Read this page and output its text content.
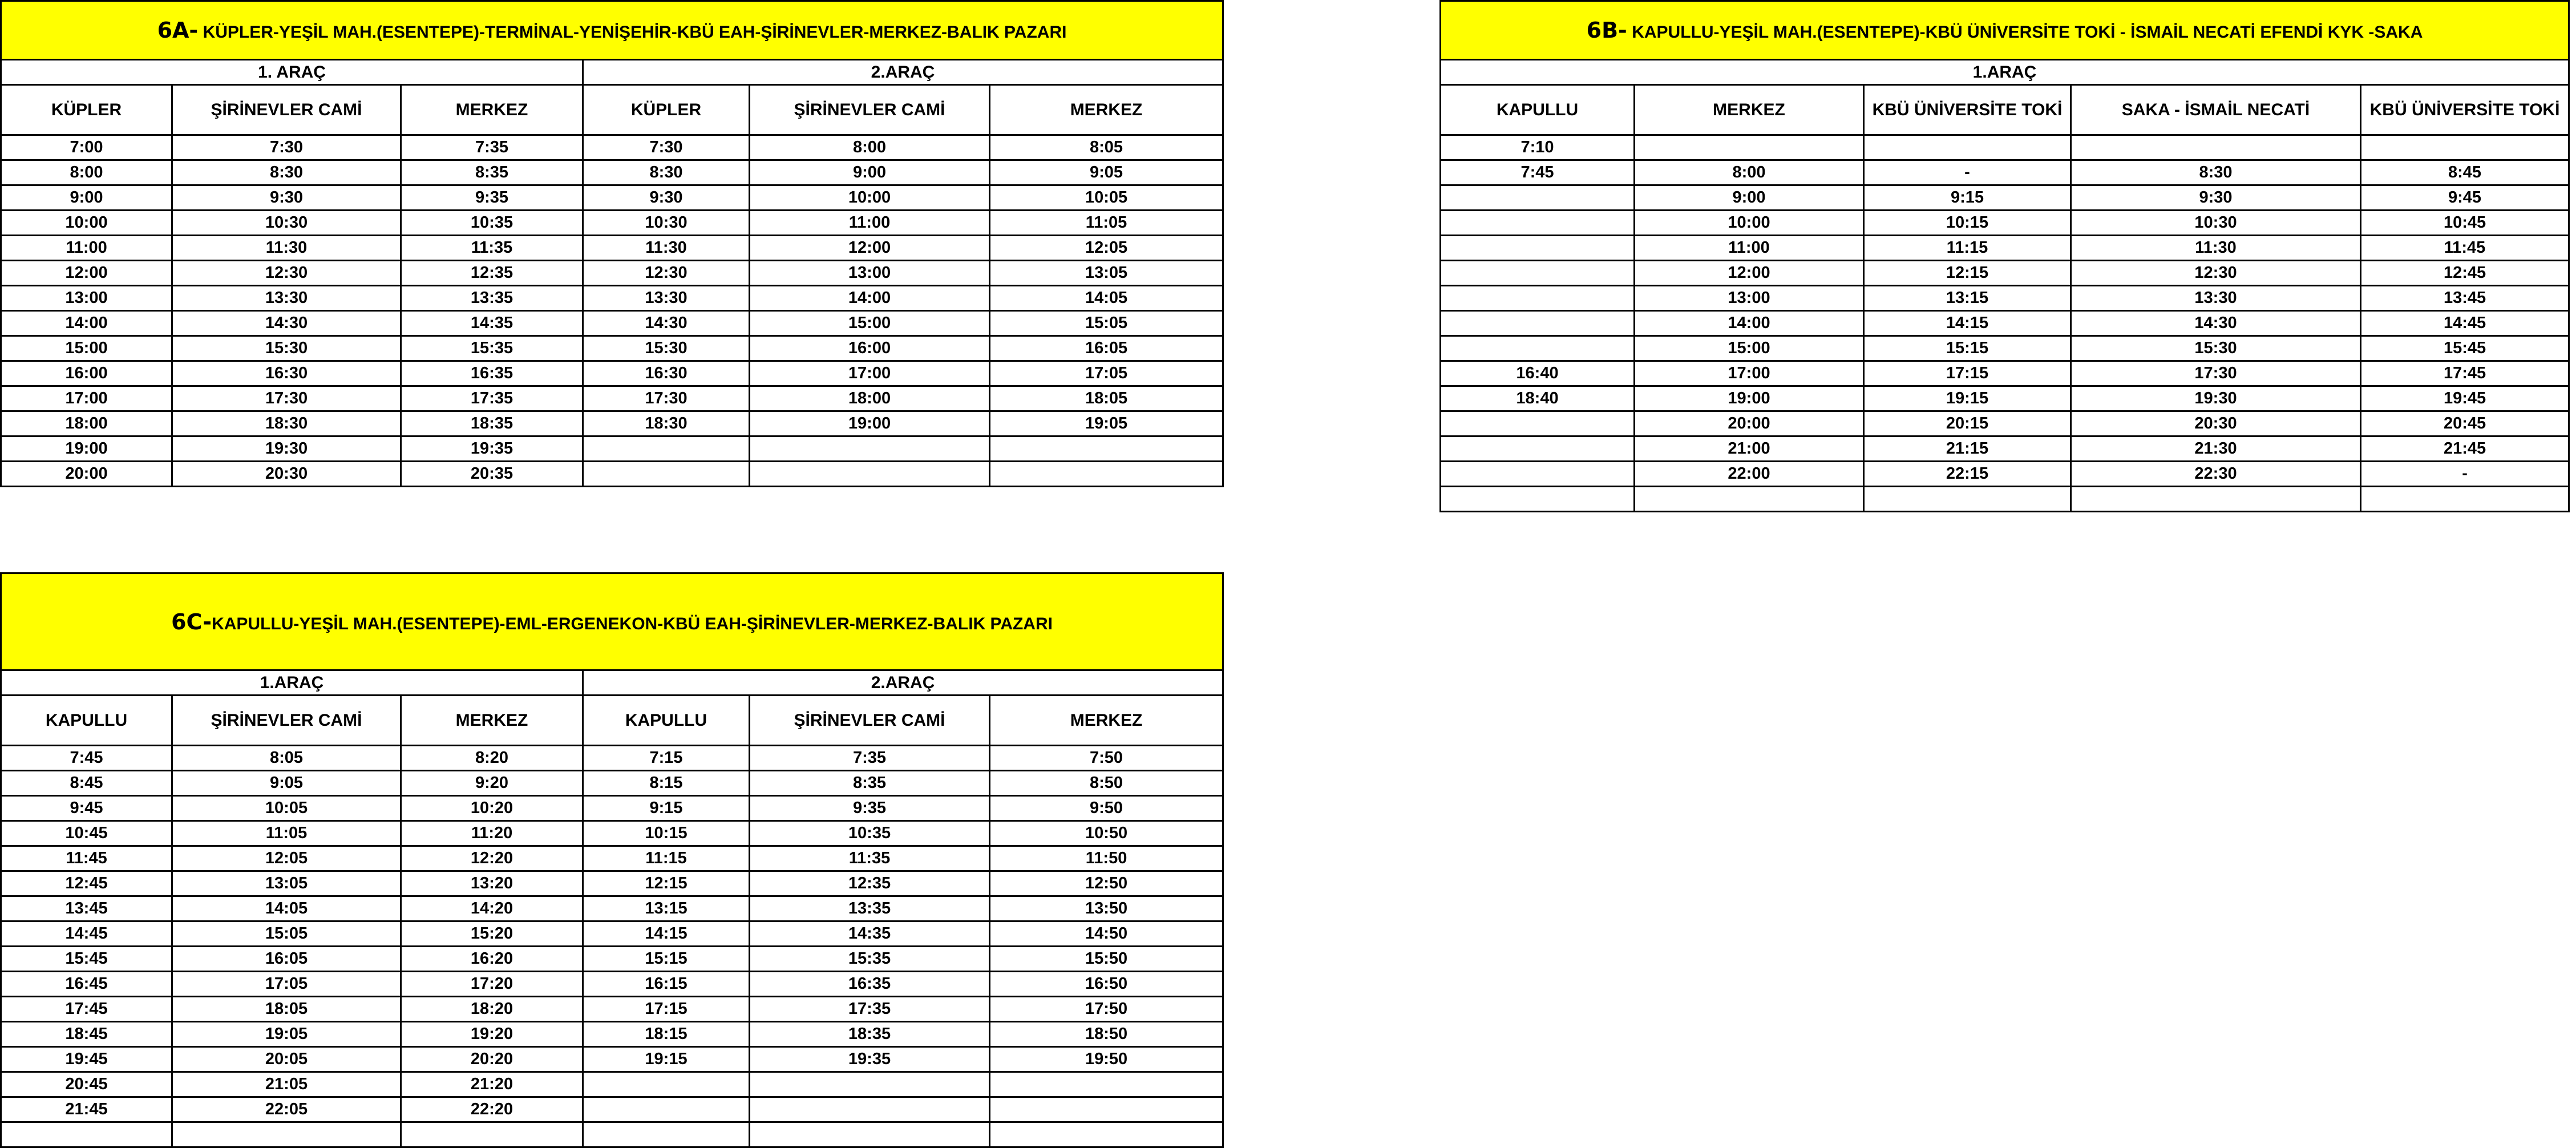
6A- KÜPLER-YEŞİL MAH.(ESENTEPE)-TERMİNAL-YENİŞEHİR-KBÜ EAH-ŞİRİNEVLER-MERKEZ-BALIK PAZARI					
1. ARAÇ			2.ARAÇ		
KÜPLER	ŞİRİNEVLER CAMİ	MERKEZ	KÜPLER	ŞİRİNEVLER CAMİ	MERKEZ
7:00	7:30	7:35	7:30	8:00	8:05
8:00	8:30	8:35	8:30	9:00	9:05
9:00	9:30	9:35	9:30	10:00	10:05
10:00	10:30	10:35	10:30	11:00	11:05
11:00	11:30	11:35	11:30	12:00	12:05
12:00	12:30	12:35	12:30	13:00	13:05
13:00	13:30	13:35	13:30	14:00	14:05
14:00	14:30	14:35	14:30	15:00	15:05
15:00	15:30	15:35	15:30	16:00	16:05
16:00	16:30	16:35	16:30	17:00	17:05
17:00	17:30	17:35	17:30	18:00	18:05
18:00	18:30	18:35	18:30	19:00	19:05
19:00	19:30	19:35			
20:00	20:30	20:35			
6B- KAPULLU-YEŞİL MAH.(ESENTEPE)-KBÜ ÜNİVERSİTE TOKİ - İSMAİL NECATİ EFENDİ KYK -SAKA				
1.ARAÇ				
KAPULLU	MERKEZ	KBÜ ÜNİVERSİTE TOKİ	SAKA - İSMAİL NECATİ	KBÜ ÜNİVERSİTE TOKİ
7:10				
7:45	8:00	-	8:30	8:45
	9:00	9:15	9:30	9:45
	10:00	10:15	10:30	10:45
	11:00	11:15	11:30	11:45
	12:00	12:15	12:30	12:45
	13:00	13:15	13:30	13:45
	14:00	14:15	14:30	14:45
	15:00	15:15	15:30	15:45
16:40	17:00	17:15	17:30	17:45
18:40	19:00	19:15	19:30	19:45
	20:00	20:15	20:30	20:45
	21:00	21:15	21:30	21:45
	22:00	22:15	22:30	-

6C-KAPULLU-YEŞİL MAH.(ESENTEPE)-EML-ERGENEKON-KBÜ EAH-ŞİRİNEVLER-MERKEZ-BALIK PAZARI					
1.ARAÇ			2.ARAÇ		
KAPULLU	ŞİRİNEVLER CAMİ	MERKEZ	KAPULLU	ŞİRİNEVLER CAMİ	MERKEZ
7:45	8:05	8:20	7:15	7:35	7:50
8:45	9:05	9:20	8:15	8:35	8:50
9:45	10:05	10:20	9:15	9:35	9:50
10:45	11:05	11:20	10:15	10:35	10:50
11:45	12:05	12:20	11:15	11:35	11:50
12:45	13:05	13:20	12:15	12:35	12:50
13:45	14:05	14:20	13:15	13:35	13:50
14:45	15:05	15:20	14:15	14:35	14:50
15:45	16:05	16:20	15:15	15:35	15:50
16:45	17:05	17:20	16:15	16:35	16:50
17:45	18:05	18:20	17:15	17:35	17:50
18:45	19:05	19:20	18:15	18:35	18:50
19:45	20:05	20:20	19:15	19:35	19:50
20:45	21:05	21:20			
21:45	22:05	22:20			
